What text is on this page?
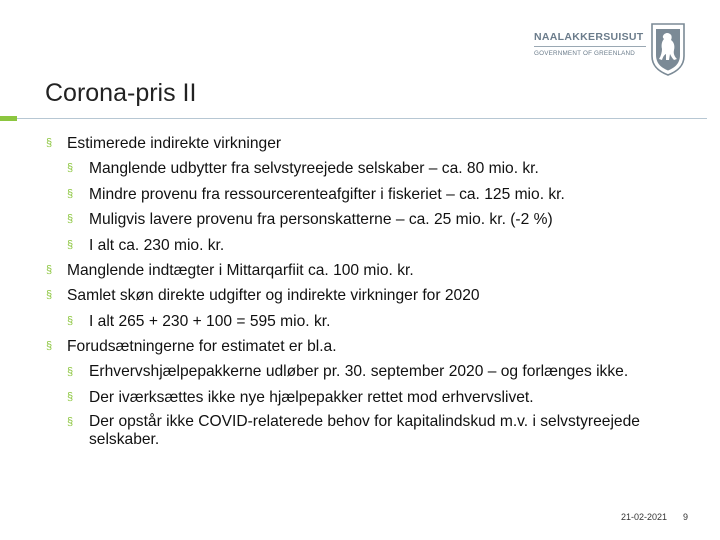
NAALAKKERSUISUT
GOVERNMENT OF GREENLAND
Corona-pris II
§ Estimerede indirekte virkninger
§ Manglende udbytter fra selvstyreejede selskaber – ca. 80 mio. kr.
§ Mindre provenu fra ressourcerenteafgifter i fiskeriet – ca. 125 mio. kr.
§ Muligvis lavere provenu fra personskatterne – ca. 25 mio. kr. (-2 %)
§ I alt ca. 230 mio. kr.
§ Manglende indtægter i Mittarqarfiit ca. 100 mio. kr.
§ Samlet skøn direkte udgifter og indirekte virkninger for 2020
§ I alt 265 + 230 + 100 = 595 mio. kr.
§ Forudsætningerne for estimatet er bl.a.
§ Erhvervshjælpepakkerne udløber pr. 30. september 2020 – og forlænges ikke.
§ Der iværksættes ikke nye hjælpepakker rettet mod erhvervslivet.
§ Der opstår ikke COVID-relaterede behov for kapitalindskud m.v. i selvstyreejede selskaber.
21-02-2021 9
